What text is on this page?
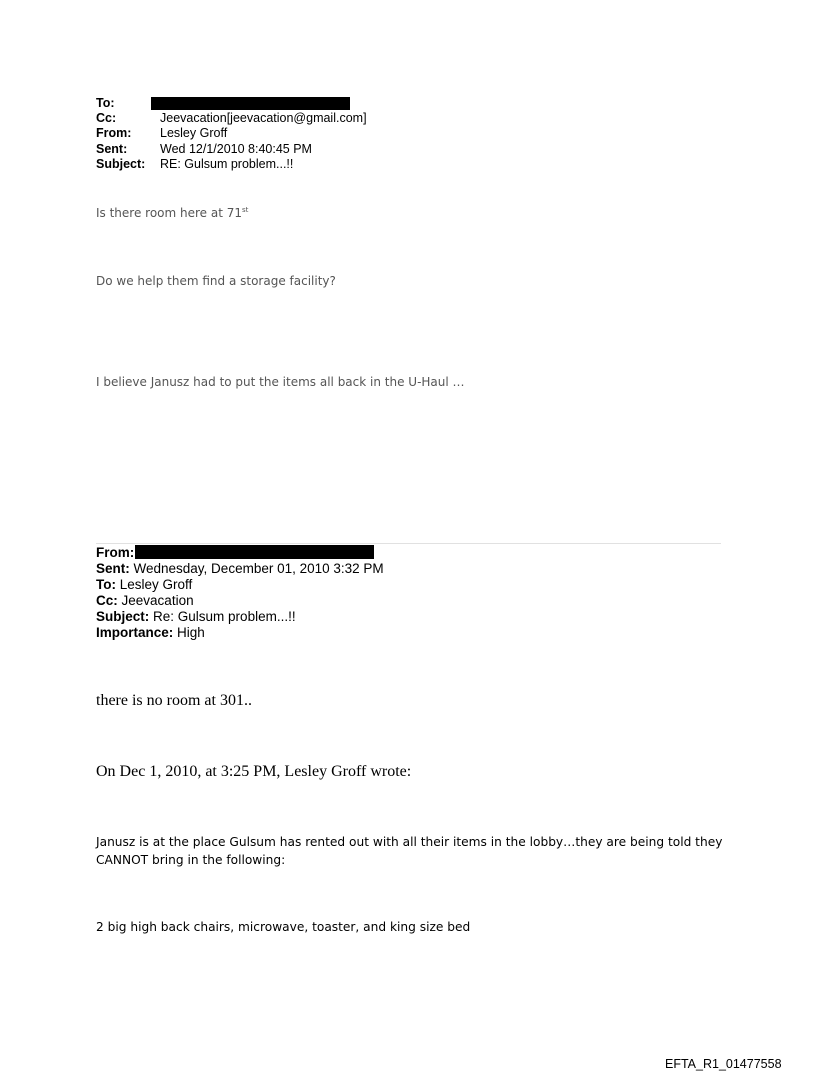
To:
Cc:	Jeevacation[jeevacation@gmail.com]
From: Lesley Groff
Sent:	Wed 12/1/2010 8:40:45 PM
Subject: RE: Gulsum problem...!!
Is there room here at 71st
Do we help them find a storage facility?
I believe Janusz had to put the items all back in the U-Haul …
From:
Sent: Wednesday, December 01, 2010 3:32 PM
To: Lesley Groff
Cc: Jeevacation
Subject: Re: Gulsum problem...!!
Importance: High
there is no room at 301..
On Dec 1, 2010, at 3:25 PM, Lesley Groff wrote:
Janusz is at the place Gulsum has rented out with all their items in the lobby…they are being told they
CANNOT bring in the following:
2 big high back chairs, microwave, toaster, and king size bed
EFTA_R1_01477558
